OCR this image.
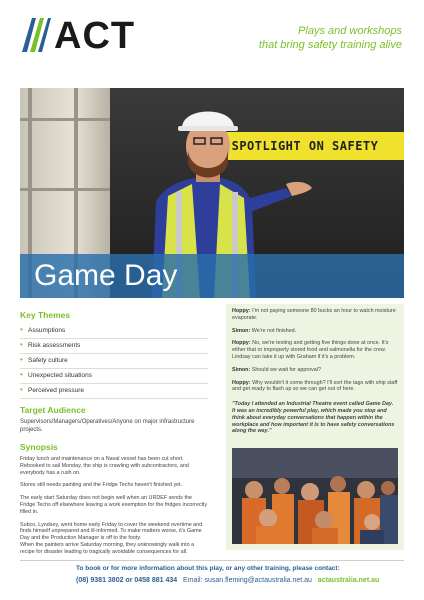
ACT	Plays and workshops
that bring safety training alive
SPOTLIGHT ON SAFETY
Game Day
Key Themes
• Assumptions
• Risk assessments
• Safety culture
• Unexpected situations
• Perceived pressure
Target Audience

Supervisors/Managers/Operatives/Anyone on major infrastructure projects.

Synopsis

Friday lunch and maintenance on a Naval vessel has been cut short. Rebooked to sail Monday, the ship is crawling with subcontractors, and everybody has a rush on.

Stores still needs painting and the Fridge Techs haven't finished yet.

The early start Saturday does not begin well when an URDEF sends the Fridge Techs off elsewhere leaving a work exemption for the fridges incorrectly filled in.

Subco, Lyndsey, went home early Friday to cover the weekend overtime and finds himself unprepared and ill-informed. To make matters worse, it's Game Day and the Production Manager is off to the footy.

When the painters arrive Saturday morning, they unknowingly walk into a recipe for disaster leading to tragically avoidable consequences for all.

Hoppy: I'm not paying someone 80 bucks an hour to watch moisture evaporate.

Simon: We're not finished.

Hoppy: No, we're testing and getting five things done at once. It's either that or improperly stored food and salmonella for the crew. Lindsay can take it up with Graham if it's a problem.

Simon: Should we wait for approval?

Hoppy: Why wouldn't it come through? I'll sort the tags with ship staff and get ready to flash up so we can get out of here.

"Today I attended an Industrial Theatre event called Game Day. It was an incredibly powerful play, which made you stop and think about everyday conversations that happen within the workplace and how important it is to have safety conversations along the way."
To book or for more information about this play, or any other training, please contact:
(08) 9381 3802 or 0458 881 434 Email: susan.fleming@actaustralia.net.au actaustralia.net.au
